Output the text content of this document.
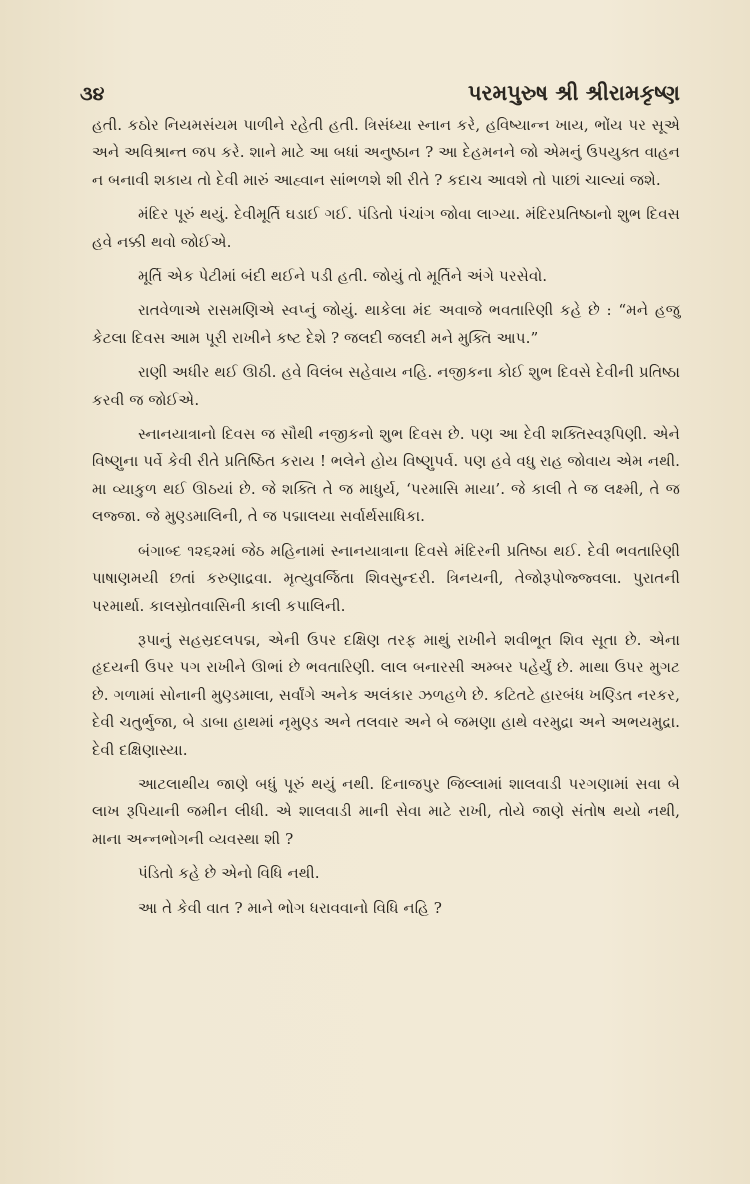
૩૪	પરમપુરુષ શ્રી શ્રીરામકૃષ્ણ

હતી. કઠોર નિયમસંયમ પાળીને રહેતી હતી. ત્રિસંધ્યા સ્નાન કરે, હવિષ્યાન્ન ખાય, ભોંય પર સૂએ અને અવિશ્રાન્ત જપ કરે. શાને માટે આ બધાં અનુષ્ઠાન ? આ દેહમનને જો એમનું ઉપયુક્ત વાહન ન બનાવી શકાય તો દેવી મારું આહ્વાન સાંભળશે શી રીતે ? કદાચ આવશે તો પાછાં ચાલ્યાં જશે.

મંદિર પૂરું થયું. દેવીમૂર્તિ ઘડાઈ ગઈ. પંડિતો પંચાંગ જોવા લાગ્યા. મંદિરપ્રતિષ્ઠાનો શુભ દિવસ હવે નક્કી થવો જોઈએ.

મૂર્તિ એક પેટીમાં બંદી થઈને પડી હતી. જોયું તો મૂર્તિને અંગે પરસેવો.

રાતવેળાએ રાસમણિએ સ્વપ્નું જોયું. થાકેલા મંદ અવાજે ભવતારિણી કહે છે : “મને હજુ કેટલા દિવસ આમ પૂરી રાખીને કષ્ટ દેશે ? જલદી જલદી મને મુક્તિ આપ.”

રાણી અધીર થઈ ઊઠી. હવે વિલંબ સહેવાય નહિ. નજીકના કોઈ શુભ દિવસે દેવીની પ્રતિષ્ઠા કરવી જ જોઈએ.

સ્નાનયાત્રાનો દિવસ જ સૌથી નજીકનો શુભ દિવસ છે. પણ આ દેવી શક્તિસ્વરૂપિણી. એને વિષ્ણુના પર્વે કેવી રીતે પ્રતિષ્ઠિત કરાય ! ભલેને હોય વિષ્ણુપર્વ. પણ હવે વધુ રાહ જોવાય એમ નથી. મા વ્યાકુળ થઈ ઊઠયાં છે. જે શક્તિ તે જ માધુર્ય, ‘પરમાસિ માયા’. જે કાલી તે જ લક્ષ્મી, તે જ લજ્જા. જે મુણ્ડમાલિની, તે જ પદ્માલયા સર્વાર્થસાધિકા.

બંગાબ્દ ૧૨૬૨માં જેઠ મહિનામાં સ્નાનયાત્રાના દિવસે મંદિરની પ્રતિષ્ઠા થઈ. દેવી ભવતારિણી પાષાણમયી છતાં કરુણાદ્રવા. મૃત્યુવર્જિતા શિવસુન્દરી. ત્રિનયની, તેજોરૂપોજ્જ્વલા. પુરાતની પરમાર્થા. કાલસ્રોતવાસિની કાલી કપાલિની.

રૂપાનું સહસ્રદલપદ્મ, એની ઉપર દક્ષિણ તરફ માથું રાખીને શવીભૂત શિવ સૂતા છે. એના હૃદયની ઉપર પગ રાખીને ઊભાં છે ભવતારિણી. લાલ બનારસી અમ્બર પહેર્યું છે. માથા ઉપર મુગટ છે. ગળામાં સોનાની મુણ્ડમાલા, સર્વાંગે અનેક અલંકાર ઝળહળે છે. કટિતટે હારબંધ ખણ્ડિત નરકર, દેવી ચતુર્ભુજા, બે ડાબા હાથમાં નૃમુણ્ડ અને તલવાર અને બે જમણા હાથે વરમુદ્રા અને અભયમુદ્રા. દેવી દક્ષિણાસ્યા.

આટલાથીય જાણે બધું પૂરું થયું નથી. દિનાજપુર જિલ્લામાં શાલવાડી પરગણામાં સવા બે લાખ રૂપિયાની જમીન લીધી. એ શાલવાડી માની સેવા માટે રાખી, તોયે જાણે સંતોષ થયો નથી, માના અન્નભોગની વ્યવસ્થા શી ?

પંડિતો કહે છે એનો વિધિ નથી.

આ તે કેવી વાત ? માને ભોગ ધરાવવાનો વિધિ નહિ ?
